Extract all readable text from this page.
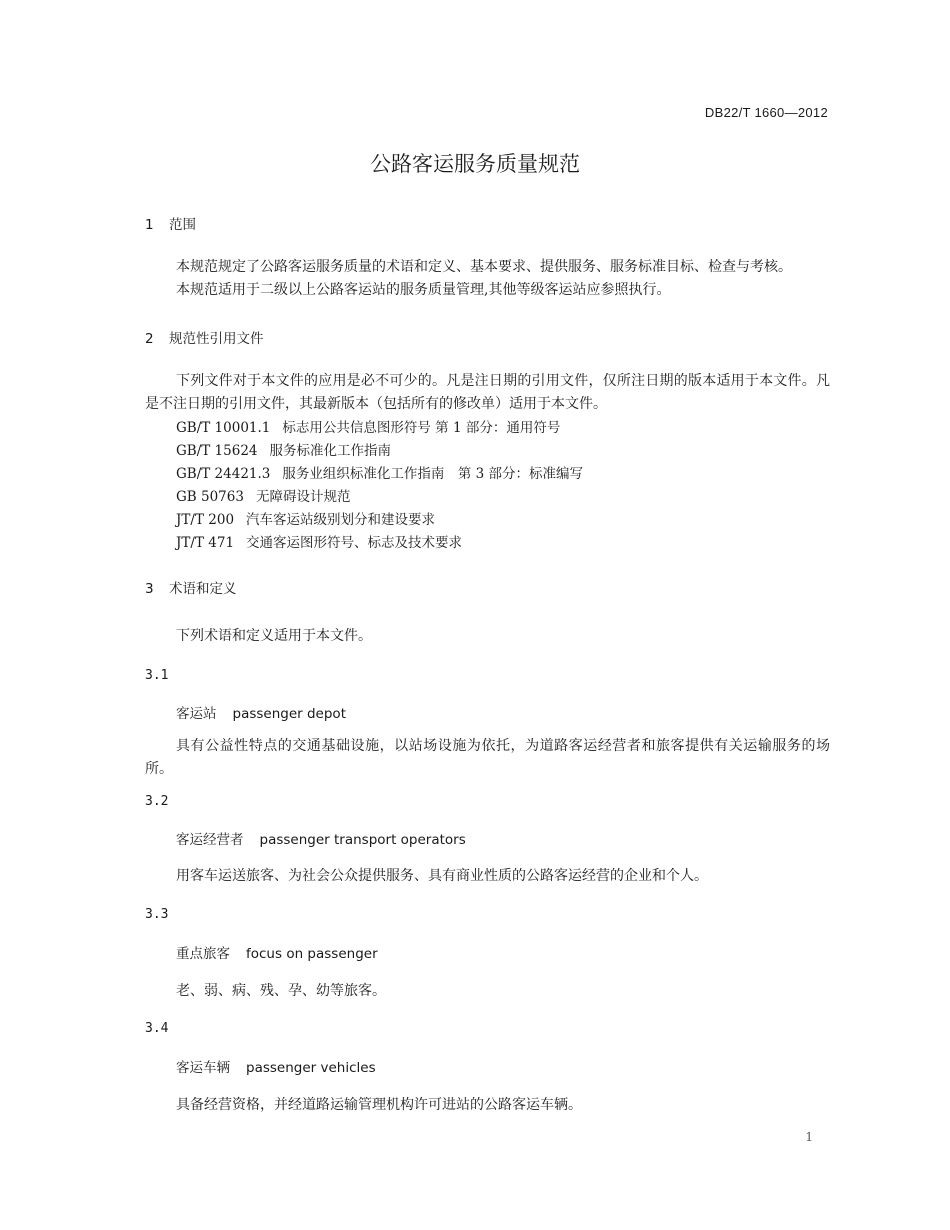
DB22/T 1660—2012
公路客运服务质量规范
1 范围

本规范规定了公路客运服务质量的术语和定义、基本要求、提供服务、服务标准目标、检查与考核。

本规范适用于二级以上公路客运站的服务质量管理,其他等级客运站应参照执行。

2 规范性引用文件

下列文件对于本文件的应用是必不可少的。凡是注日期的引用文件，仅所注日期的版本适用于本文件。凡是不注日期的引用文件，其最新版本（包括所有的修改单）适用于本文件。

GB/T 10001.1 标志用公共信息图形符号 第 1 部分：通用符号
GB/T 15624 服务标准化工作指南
GB/T 24421.3 服务业组织标准化工作指南　第 3 部分：标准编写
GB 50763 无障碍设计规范
JT/T 200 汽车客运站级别划分和建设要求
JT/T 471 交通客运图形符号、标志及技术要求
3 术语和定义

下列术语和定义适用于本文件。

3.1
客运站 passenger depot

具有公益性特点的交通基础设施，以站场设施为依托，为道路客运经营者和旅客提供有关运输服务的场所。

3.2
客运经营者 passenger transport operators

用客车运送旅客、为社会公众提供服务、具有商业性质的公路客运经营的企业和个人。

3.3
重点旅客 focus on passenger

老、弱、病、残、孕、幼等旅客。

3.4
客运车辆 passenger vehicles

具备经营资格，并经道路运输管理机构许可进站的公路客运车辆。

1
